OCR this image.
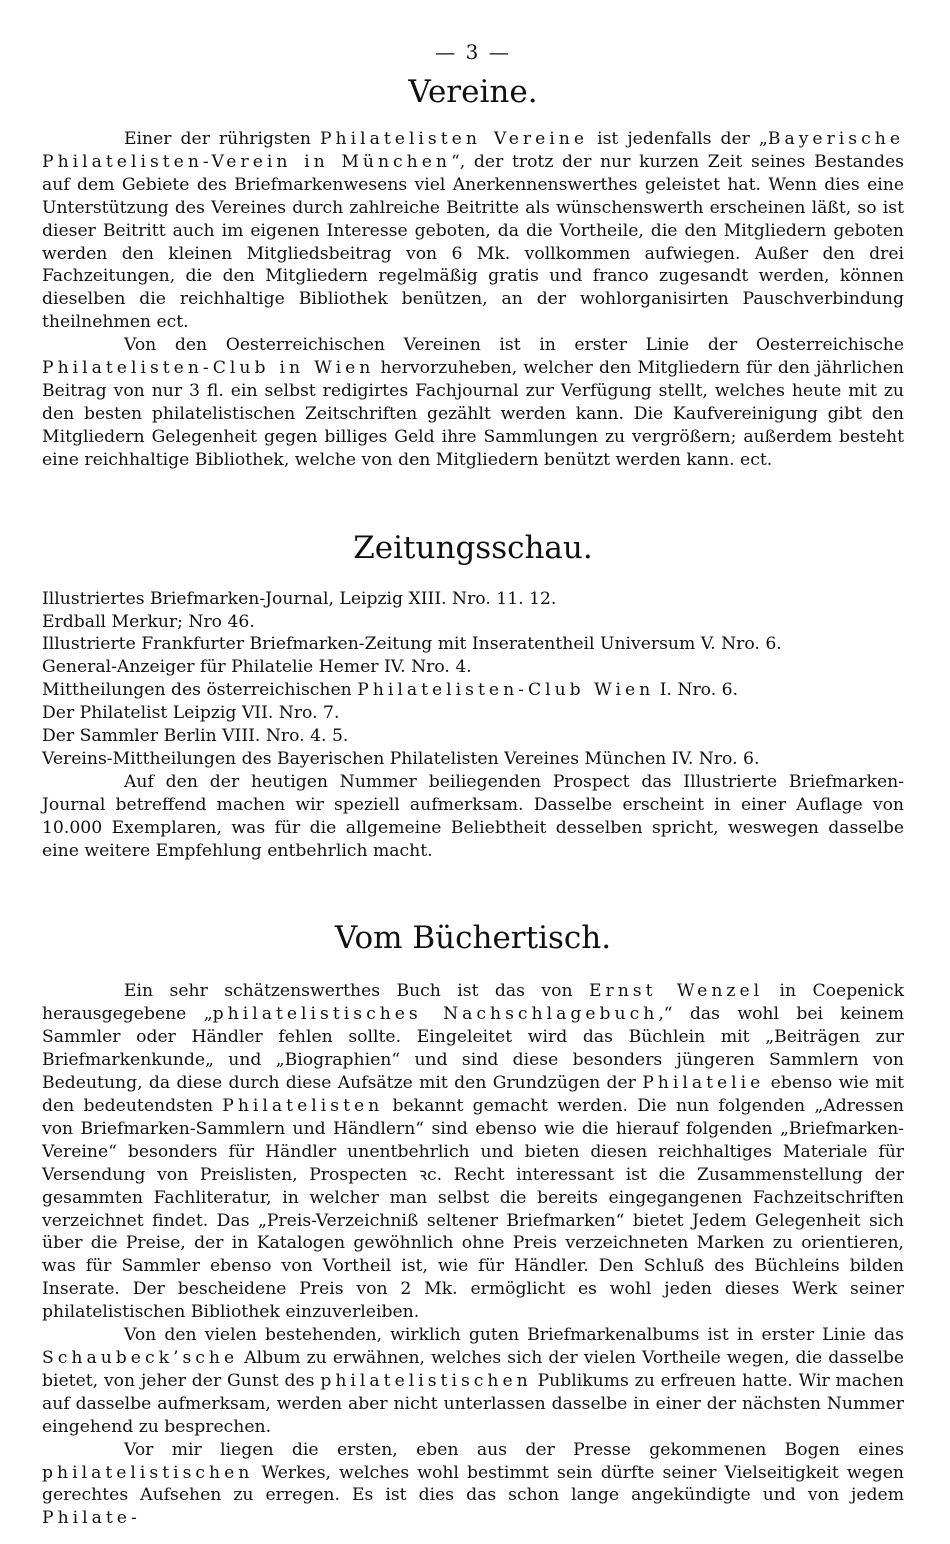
— 3 —
Vereine.

Einer der rührigsten Philatelisten Vereine ist jedenfalls der „Bayerische Philatelisten-Verein in München“, der trotz der nur kurzen Zeit seines Bestandes auf dem Gebiete des Briefmarkenwesens viel Anerkennenswerthes geleistet hat. Wenn dies eine Unterstützung des Vereines durch zahlreiche Beitritte als wünschenswerth erscheinen läßt, so ist dieser Beitritt auch im eigenen Interesse geboten, da die Vortheile, die den Mitgliedern geboten werden den kleinen Mitgliedsbeitrag von 6 Mk. vollkommen aufwiegen. Außer den drei Fachzeitungen, die den Mitgliedern regelmäßig gratis und franco zugesandt werden, können dieselben die reichhaltige Bibliothek benützen, an der wohlorganisirten Pauschverbindung theilnehmen ect.

Von den Oesterreichischen Vereinen ist in erster Linie der Oesterreichische Philatelisten-Club in Wien hervorzuheben, welcher den Mitgliedern für den jährlichen Beitrag von nur 3 fl. ein selbst redigirtes Fachjournal zur Verfügung stellt, welches heute mit zu den besten philatelistischen Zeitschriften gezählt werden kann. Die Kaufvereinigung gibt den Mitgliedern Gelegenheit gegen billiges Geld ihre Sammlungen zu vergrößern; außerdem besteht eine reichhaltige Bibliothek, welche von den Mitgliedern benützt werden kann. ect.

Zeitungsschau.
Illustriertes Briefmarken-Journal, Leipzig XIII. Nro. 11. 12.
Erdball Merkur; Nro 46.
Illustrierte Frankfurter Briefmarken-Zeitung mit Inseratentheil Universum V. Nro. 6.
General-Anzeiger für Philatelie Hemer IV. Nro. 4.
Mittheilungen des österreichischen Philatelisten-Club Wien I. Nro. 6.
Der Philatelist Leipzig VII. Nro. 7.
Der Sammler Berlin VIII. Nro. 4. 5.
Vereins-Mittheilungen des Bayerischen Philatelisten Vereines München IV. Nro. 6.

Auf den der heutigen Nummer beiliegenden Prospect das Illustrierte Briefmarken-Journal betreffend machen wir speziell aufmerksam. Dasselbe erscheint in einer Auflage von 10.000 Exemplaren, was für die allgemeine Beliebtheit desselben spricht, weswegen dasselbe eine weitere Empfehlung entbehrlich macht.

Vom Büchertisch.

Ein sehr schätzenswerthes Buch ist das von Ernst Wenzel in Coepenick herausgegebene „philatelistisches Nachschlagebuch,“ das wohl bei keinem Sammler oder Händler fehlen sollte. Eingeleitet wird das Büchlein mit „Beiträgen zur Briefmarkenkunde„ und „Biographien“ und sind diese besonders jüngeren Sammlern von Bedeutung, da diese durch diese Aufsätze mit den Grundzügen der Philatelie ebenso wie mit den bedeutendsten Philatelisten bekannt gemacht werden. Die nun folgenden „Adressen von Briefmarken-Sammlern und Händlern“ sind ebenso wie die hierauf folgenden „Briefmarken-Vereine“ besonders für Händler unentbehrlich und bieten diesen reichhaltiges Materiale für Versendung von Preislisten, Prospecten ꝛc. Recht interessant ist die Zusammenstellung der gesammten Fachliteratur, in welcher man selbst die bereits eingegangenen Fachzeitschriften verzeichnet findet. Das „Preis-Verzeichniß seltener Briefmarken“ bietet Jedem Gelegenheit sich über die Preise, der in Katalogen gewöhnlich ohne Preis verzeichneten Marken zu orientieren, was für Sammler ebenso von Vortheil ist, wie für Händler. Den Schluß des Büchleins bilden Inserate. Der bescheidene Preis von 2 Mk. ermöglicht es wohl jeden dieses Werk seiner philatelistischen Bibliothek einzuverleiben.

Von den vielen bestehenden, wirklich guten Briefmarkenalbums ist in erster Linie das Schaubeck’sche Album zu erwähnen, welches sich der vielen Vortheile wegen, die dasselbe bietet, von jeher der Gunst des philatelistischen Publikums zu erfreuen hatte. Wir machen auf dasselbe aufmerksam, werden aber nicht unterlassen dasselbe in einer der nächsten Nummer eingehend zu besprechen.

Vor mir liegen die ersten, eben aus der Presse gekommenen Bogen eines philatelistischen Werkes, welches wohl bestimmt sein dürfte seiner Vielseitigkeit wegen gerechtes Aufsehen zu erregen. Es ist dies das schon lange angekündigte und von jedem Philate-
